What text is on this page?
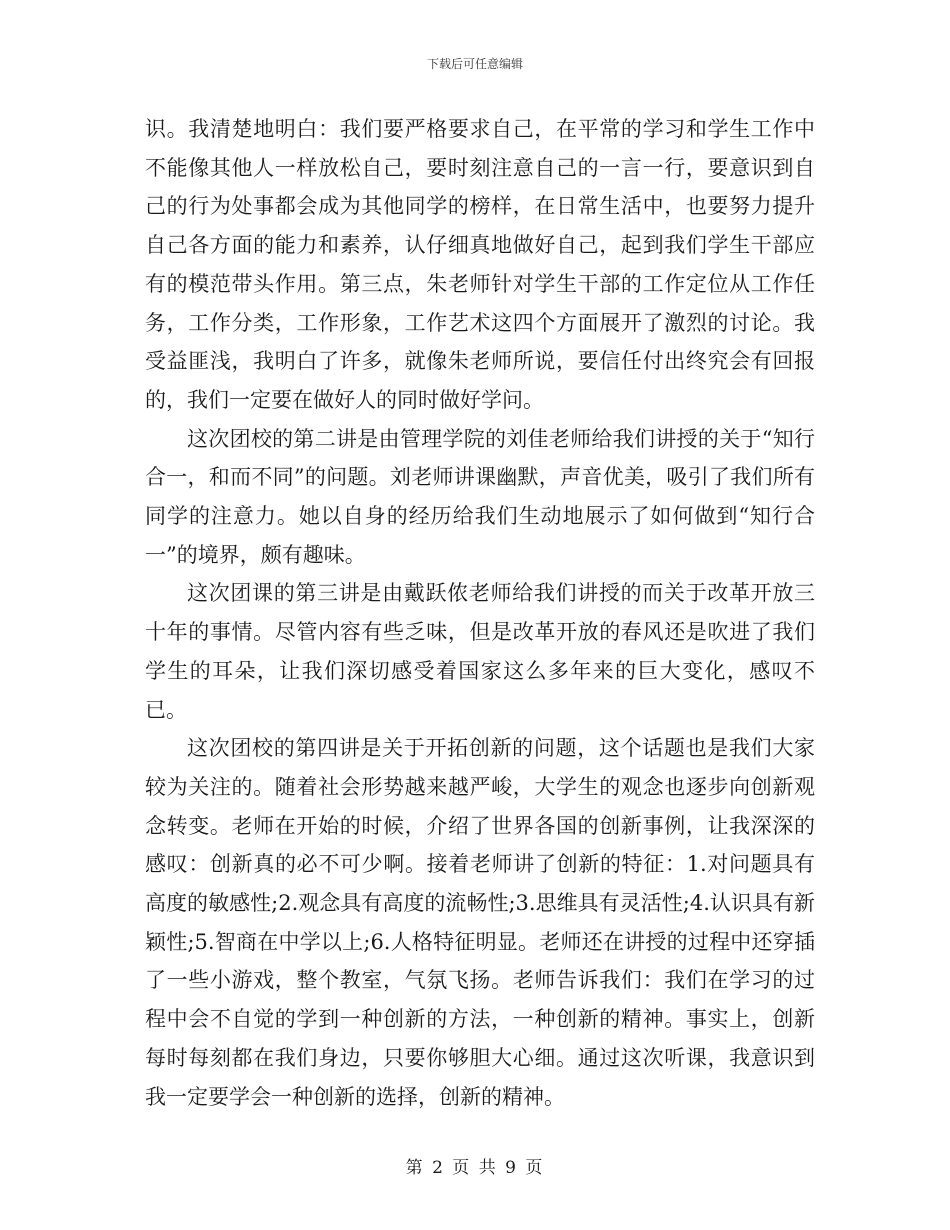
下载后可任意编辑

识。我清楚地明白：我们要严格要求自己，在平常的学习和学生工作中不能像其他人一样放松自己，要时刻注意自己的一言一行，要意识到自己的行为处事都会成为其他同学的榜样，在日常生活中，也要努力提升自己各方面的能力和素养，认仔细真地做好自己，起到我们学生干部应有的模范带头作用。第三点，朱老师针对学生干部的工作定位从工作任务，工作分类，工作形象，工作艺术这四个方面展开了激烈的讨论。我受益匪浅，我明白了许多，就像朱老师所说，要信任付出终究会有回报的，我们一定要在做好人的同时做好学问。

这次团校的第二讲是由管理学院的刘佳老师给我们讲授的关于“知行合一，和而不同”的问题。刘老师讲课幽默，声音优美，吸引了我们所有同学的注意力。她以自身的经历给我们生动地展示了如何做到“知行合一”的境界，颇有趣味。

这次团课的第三讲是由戴跃侬老师给我们讲授的而关于改革开放三十年的事情。尽管内容有些乏味，但是改革开放的春风还是吹进了我们学生的耳朵，让我们深切感受着国家这么多年来的巨大变化，感叹不已。

这次团校的第四讲是关于开拓创新的问题，这个话题也是我们大家较为关注的。随着社会形势越来越严峻，大学生的观念也逐步向创新观念转变。老师在开始的时候，介绍了世界各国的创新事例，让我深深的感叹：创新真的必不可少啊。接着老师讲了创新的特征：1.对问题具有高度的敏感性;2.观念具有高度的流畅性;3.思维具有灵活性;4.认识具有新颖性;5.智商在中学以上;6.人格特征明显。老师还在讲授的过程中还穿插了一些小游戏，整个教室，气氛飞扬。老师告诉我们：我们在学习的过程中会不自觉的学到一种创新的方法，一种创新的精神。事实上，创新每时每刻都在我们身边，只要你够胆大心细。通过这次听课，我意识到我一定要学会一种创新的选择，创新的精神。

第 2 页 共 9 页
